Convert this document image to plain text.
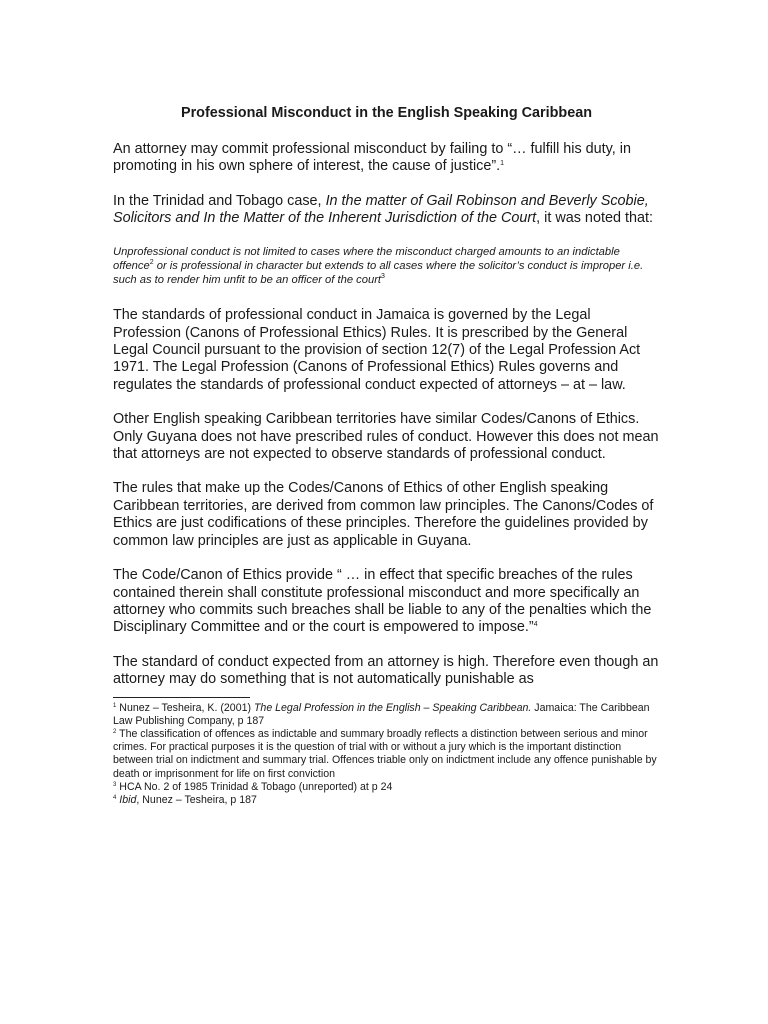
Professional Misconduct in the English Speaking Caribbean

An attorney may commit professional misconduct by failing to “… fulfill his duty, in promoting in his own sphere of interest, the cause of justice”.$^1$

In the Trinidad and Tobago case, In the matter of Gail Robinson and Beverly Scobie, Solicitors and In the Matter of the Inherent Jurisdiction of the Court, it was noted that:

Unprofessional conduct is not limited to cases where the misconduct charged amounts to an indictable offence$^2$ or is professional in character but extends to all cases where the solicitor’s conduct is improper i.e. such as to render him unfit to be an officer of the court$^3$

The standards of professional conduct in Jamaica is governed by the Legal Profession (Canons of Professional Ethics) Rules. It is prescribed by the General Legal Council pursuant to the provision of section 12(7) of the Legal Profession Act 1971. The Legal Profession (Canons of Professional Ethics) Rules governs and regulates the standards of professional conduct expected of attorneys – at – law.

Other English speaking Caribbean territories have similar Codes/Canons of Ethics. Only Guyana does not have prescribed rules of conduct. However this does not mean that attorneys are not expected to observe standards of professional conduct.

The rules that make up the Codes/Canons of Ethics of other English speaking Caribbean territories, are derived from common law principles. The Canons/Codes of Ethics are just codifications of these principles. Therefore the guidelines provided by common law principles are just as applicable in Guyana.

The Code/Canon of Ethics provide “ … in effect that specific breaches of the rules contained therein shall constitute professional misconduct and more specifically an attorney who commits such breaches shall be liable to any of the penalties which the Disciplinary Committee and or the court is empowered to impose.”$^4$

The standard of conduct expected from an attorney is high. Therefore even though an attorney may do something that is not automatically punishable as

$^1$ Nunez – Tesheira, K. (2001) The Legal Profession in the English – Speaking Caribbean. Jamaica: The Caribbean Law Publishing Company, p 187

$^2$ The classification of offences as indictable and summary broadly reflects a distinction between serious and minor crimes. For practical purposes it is the question of trial with or without a jury which is the important distinction between trial on indictment and summary trial. Offences triable only on indictment include any offence punishable by death or imprisonment for life on first conviction

$^3$ HCA No. 2 of 1985 Trinidad & Tobago (unreported) at p 24

$^4$ Ibid, Nunez – Tesheira, p 187
